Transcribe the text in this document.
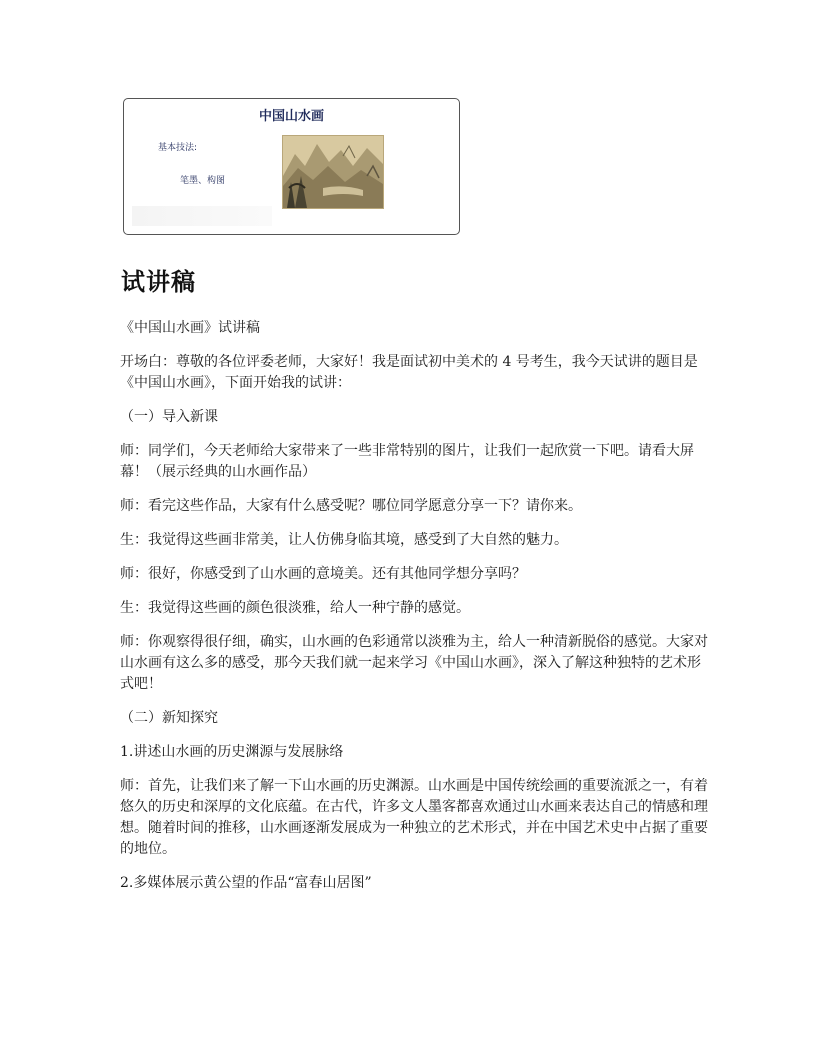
中国山水画
基本技法:
笔墨、构图
试讲稿

《中国山水画》试讲稿

开场白：尊敬的各位评委老师，大家好！我是面试初中美术的 4 号考生，我今天试讲的题目是《中国山水画》，下面开始我的试讲：

（一）导入新课

师：同学们，今天老师给大家带来了一些非常特别的图片，让我们一起欣赏一下吧。请看大屏幕！（展示经典的山水画作品）

师：看完这些作品，大家有什么感受呢？哪位同学愿意分享一下？请你来。

生：我觉得这些画非常美，让人仿佛身临其境，感受到了大自然的魅力。

师：很好，你感受到了山水画的意境美。还有其他同学想分享吗？

生：我觉得这些画的颜色很淡雅，给人一种宁静的感觉。

师：你观察得很仔细，确实，山水画的色彩通常以淡雅为主，给人一种清新脱俗的感觉。大家对山水画有这么多的感受，那今天我们就一起来学习《中国山水画》，深入了解这种独特的艺术形式吧！

（二）新知探究

1.讲述山水画的历史渊源与发展脉络

师：首先，让我们来了解一下山水画的历史渊源。山水画是中国传统绘画的重要流派之一，有着悠久的历史和深厚的文化底蕴。在古代，许多文人墨客都喜欢通过山水画来表达自己的情感和理想。随着时间的推移，山水画逐渐发展成为一种独立的艺术形式，并在中国艺术史中占据了重要的地位。

2.多媒体展示黄公望的作品“富春山居图”
